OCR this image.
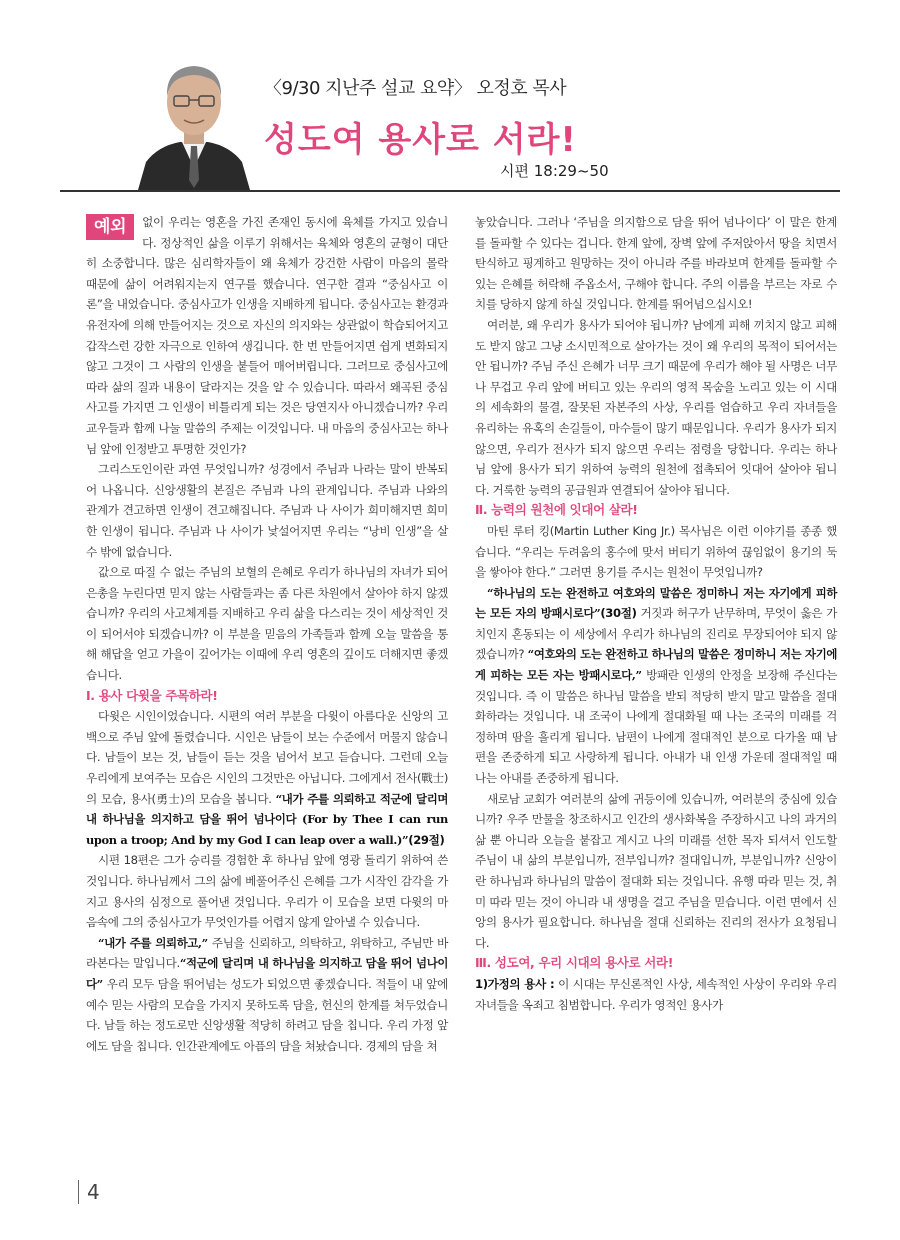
〈9/30 지난주 설교 요약〉 오정호 목사
성도여 용사로 서라!
시편 18:29~50

예외	없이 우리는 영혼을 가진 존재인 동시에 육체를 가지고 있습니다. 정상적인 삶을 이루기 위해서는 육체와 영혼의 균형이 대단히 소중합니다. 많은 심리학자들이 왜 육체가 강건한 사람이 마음의 몰락 때문에 삶이 어려워지는지 연구를 했습니다. 연구한 결과 “중심사고 이론”을 내었습니다. 중심사고가 인생을 지배하게 됩니다. 중심사고는 환경과 유전자에 의해 만들어지는 것으로 자신의 의지와는 상관없이 학습되어지고 갑작스런 강한 자극으로 인하여 생깁니다. 한 번 만들어지면 쉽게 변화되지 않고 그것이 그 사람의 인생을 붙들어 매어버립니다. 그러므로 중심사고에 따라 삶의 질과 내용이 달라지는 것을 알 수 있습니다. 따라서 왜곡된 중심사고를 가지면 그 인생이 비틀리게 되는 것은 당연지사 아니겠습니까? 우리 교우들과 함께 나눌 말씀의 주제는 이것입니다. 내 마음의 중심사고는 하나님 앞에 인정받고 투명한 것인가?

그리스도인이란 과연 무엇입니까? 성경에서 주님과 나라는 말이 반복되어 나옵니다. 신앙생활의 본질은 주님과 나의 관계입니다. 주님과 나와의 관계가 견고하면 인생이 견고해집니다. 주님과 나 사이가 희미해지면 희미한 인생이 됩니다. 주님과 나 사이가 낯설어지면 우리는 “낭비 인생”을 살 수 밖에 없습니다.

값으로 따질 수 없는 주님의 보혈의 은혜로 우리가 하나님의 자녀가 되어 은총을 누린다면 믿지 않는 사람들과는 좀 다른 차원에서 살아야 하지 않겠습니까? 우리의 사고체계를 지배하고 우리 삶을 다스리는 것이 세상적인 것이 되어서야 되겠습니까? 이 부분을 믿음의 가족들과 함께 오늘 말씀을 통해 해답을 얻고 가을이 깊어가는 이때에 우리 영혼의 깊이도 더해지면 좋겠습니다.

Ⅰ. 용사 다윗을 주목하라!

다윗은 시인이었습니다. 시편의 여러 부분을 다윗이 아름다운 신앙의 고백으로 주님 앞에 돌렸습니다. 시인은 남들이 보는 수준에서 머물지 않습니다. 남들이 보는 것, 남들이 듣는 것을 넘어서 보고 듣습니다. 그런데 오늘 우리에게 보여주는 모습은 시인의 그것만은 아닙니다. 그에게서 전사(戰士)의 모습, 용사(勇士)의 모습을 봅니다. “내가 주를 의뢰하고 적군에 달리며 내 하나님을 의지하고 담을 뛰어 넘나이다 (For by Thee I can run upon a troop; And by my God I can leap over a wall.)”(29절)

시편 18편은 그가 승리를 경험한 후 하나님 앞에 영광 돌리기 위하여 쓴 것입니다. 하나님께서 그의 삶에 베풀어주신 은혜를 그가 시작인 감각을 가지고 용사의 심정으로 풀어낸 것입니다. 우리가 이 모습을 보면 다윗의 마음속에 그의 중심사고가 무엇인가를 어렵지 않게 알아낼 수 있습니다.

“내가 주를 의뢰하고,” 주님을 신뢰하고, 의탁하고, 위탁하고, 주님만 바라본다는 말입니다.“적군에 달리며 내 하나님을 의지하고 담을 뛰어 넘나이다” 우리 모두 담을 뛰어넘는 성도가 되었으면 좋겠습니다. 적들이 내 앞에 예수 믿는 사람의 모습을 가지지 못하도록 담을, 헌신의 한계를 쳐두었습니다. 남들 하는 정도로만 신앙생활 적당히 하려고 담을 칩니다. 우리 가정 앞에도 담을 칩니다. 인간관계에도 아픔의 담을 쳐놨습니다. 경제의 담을 쳐

놓았습니다. 그러나 ‘주님을 의지함으로 담을 뛰어 넘나이다’ 이 말은 한계를 돌파할 수 있다는 겁니다. 한계 앞에, 장벽 앞에 주저앉아서 땅을 치면서 탄식하고 핑계하고 원망하는 것이 아니라 주를 바라보며 한계를 돌파할 수 있는 은혜를 허락해 주옵소서, 구해야 합니다. 주의 이름을 부르는 자로 수치를 당하지 않게 하실 것입니다. 한계를 뛰어넘으십시오!

여러분, 왜 우리가 용사가 되어야 됩니까? 남에게 피해 끼치지 않고 피해도 받지 않고 그냥 소시민적으로 살아가는 것이 왜 우리의 목적이 되어서는 안 됩니까? 주님 주신 은혜가 너무 크기 때문에 우리가 해야 될 사명은 너무나 무겁고 우리 앞에 버티고 있는 우리의 영적 목숨을 노리고 있는 이 시대의 세속화의 물결, 잘못된 자본주의 사상, 우리를 엄습하고 우리 자녀들을 유리하는 유혹의 손길들이, 마수들이 많기 때문입니다. 우리가 용사가 되지 않으면, 우리가 전사가 되지 않으면 우리는 점령을 당합니다. 우리는 하나님 앞에 용사가 되기 위하여 능력의 원천에 접촉되어 잇대어 살아야 됩니다. 거룩한 능력의 공급원과 연결되어 살아야 됩니다.

Ⅱ. 능력의 원천에 잇대어 살라!

마틴 루터 킹(Martin Luther King Jr.) 목사님은 이런 이야기를 종종 했습니다. “우리는 두려움의 홍수에 맞서 버티기 위하여 끊임없이 용기의 둑을 쌓아야 한다.” 그러면 용기를 주시는 원천이 무엇입니까?

“하나님의 도는 완전하고 여호와의 말씀은 정미하니 저는 자기에게 피하는 모든 자의 방패시로다”(30절) 거짓과 허구가 난무하며, 무엇이 옳은 가치인지 혼동되는 이 세상에서 우리가 하나님의 진리로 무장되어야 되지 않겠습니까? “여호와의 도는 완전하고 하나님의 말씀은 정미하니 저는 자기에게 피하는 모든 자는 방패시로다,” 방패란 인생의 안정을 보장해 주신다는 것입니다. 즉 이 말씀은 하나님 말씀을 받되 적당히 받지 말고 말씀을 절대화하라는 것입니다. 내 조국이 나에게 절대화될 때 나는 조국의 미래를 걱정하며 땀을 흘리게 됩니다. 남편이 나에게 절대적인 분으로 다가올 때 남편을 존중하게 되고 사랑하게 됩니다. 아내가 내 인생 가운데 절대적일 때 나는 아내를 존중하게 됩니다.

새로남 교회가 여러분의 삶에 귀등이에 있습니까, 여러분의 중심에 있습니까? 우주 만물을 창조하시고 인간의 생사화복을 주장하시고 나의 과거의 삶 뿐 아니라 오늘을 붙잡고 계시고 나의 미래를 선한 목자 되셔서 인도할 주님이 내 삶의 부분입니까, 전부입니까? 절대입니까, 부분입니까? 신앙이란 하나님과 하나님의 말씀이 절대화 되는 것입니다. 유행 따라 믿는 것, 취미 따라 믿는 것이 아니라 내 생명을 걸고 주님을 믿습니다. 이런 면에서 신앙의 용사가 필요합니다. 하나님을 절대 신뢰하는 진리의 전사가 요청됩니다.

Ⅲ. 성도여, 우리 시대의 용사로 서라!

1)가정의 용사 : 이 시대는 무신론적인 사상, 세속적인 사상이 우리와 우리 자녀들을 옥죄고 침범합니다. 우리가 영적인 용사가

4
